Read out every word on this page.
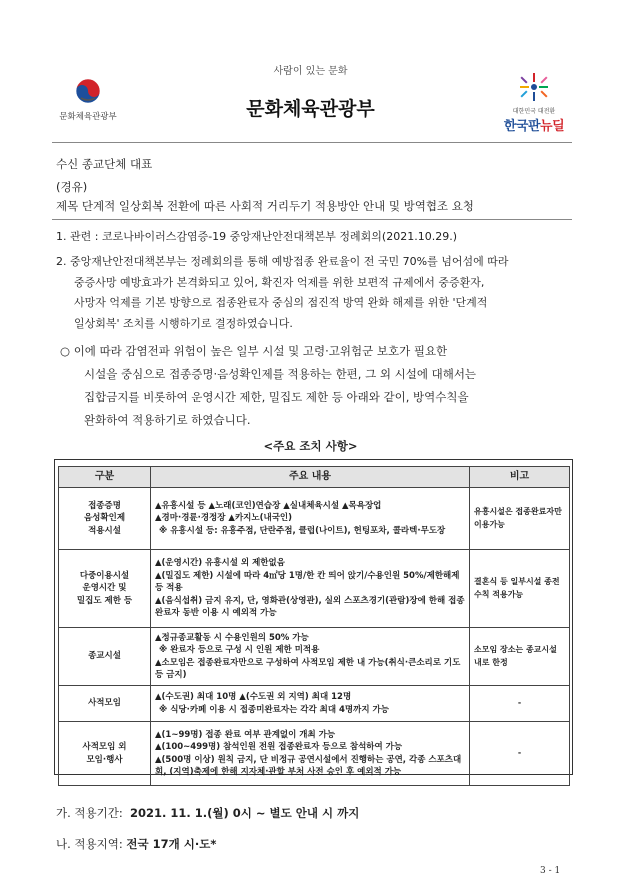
사람이 있는 문화
문화체육관광부	문화체육관광부	대한민국 대전환
한국판뉴딜
수신 종교단체 대표
(경유)
제목 단계적 일상회복 전환에 따른 사회적 거리두기 적용방안 안내 및 방역협조 요청
1. 관련 : 코로나바이러스감염증-19 중앙재난안전대책본부 정례회의(2021.10.29.)
2. 중앙재난안전대책본부는 정례회의를 통해 예방접종 완료율이 전 국민 70%를 넘어섬에 따라
중증사망 예방효과가 본격화되고 있어, 확진자 억제를 위한 보편적 규제에서 중증환자,
사망자 억제를 기본 방향으로 접종완료자 중심의 점진적 방역 완화 해제를 위한 '단계적
일상회복' 조치를 시행하기로 결정하였습니다.
○ 이에 따라 감염전파 위험이 높은 일부 시설 및 고령·고위험군 보호가 필요한
시설을 중심으로 접종증명·음성확인제를 적용하는 한편, 그 외 시설에 대해서는
집합금지를 비롯하여 운영시간 제한, 밀집도 제한 등 아래와 같이, 방역수칙을
완화하여 적용하기로 하였습니다.
<주요 조치 사항>
구분	주요 내용	비고

접종증명
음성확인제
적용시설	▲유흥시설 등 ▲노래(코인)연습장 ▲실내체육시설 ▲목욕장업
▲경마·경륜·경정장 ▲카지노(내국인)
※ 유흥시설 등: 유흥주점, 단란주점, 클럽(나이트), 헌팅포차, 콜라텍·무도장	유흥시설은 접종완료자만 이용가능

다중이용시설
운영시간 및
밀집도 제한 등	▲(운영시간) 유흥시설 외 제한없음
▲(밀집도 제한) 시설에 따라 4㎡당 1명/한 칸 띄어 앉기/수용인원 50%/제한해제 등 적용
▲(음식섭취) 금지 유지, 단, 영화관(상영관), 실외 스포츠경기(관람)장에 한해 접종완료자 동반 이용 시 예외적 가능	결혼식 등 일부시설 종전 수칙 적용가능

종교시설	▲정규종교활동 시 수용인원의 50% 가능
※ 완료자 등으로 구성 시 인원 제한 미적용
▲소모임은 접종완료자만으로 구성하여 사적모임 제한 내 가능(취식·큰소리로 기도 등 금지)	소모임 장소는 종교시설 내로 한정

사적모임	▲(수도권) 최대 10명 ▲(수도권 외 지역) 최대 12명
※ 식당·카페 이용 시 접종미완료자는 각각 최대 4명까지 가능	-

사적모임 외
모임·행사	▲(1~99명) 접종 완료 여부 관계없이 개최 가능
▲(100~499명) 참석인원 전원 접종완료자 등으로 참석하여 가능
▲(500명 이상) 원칙 금지, 단 비정규 공연시설에서 진행하는 공연, 각종 스포츠대회, (지역)축제에 한해 지자체·관할 부처 사전 승인 후 예외적 가능	-
가. 적용기간: 2021. 11. 1.(월) 0시 ~ 별도 안내 시 까지
나. 적용지역: 전국 17개 시·도*
3 - 1
